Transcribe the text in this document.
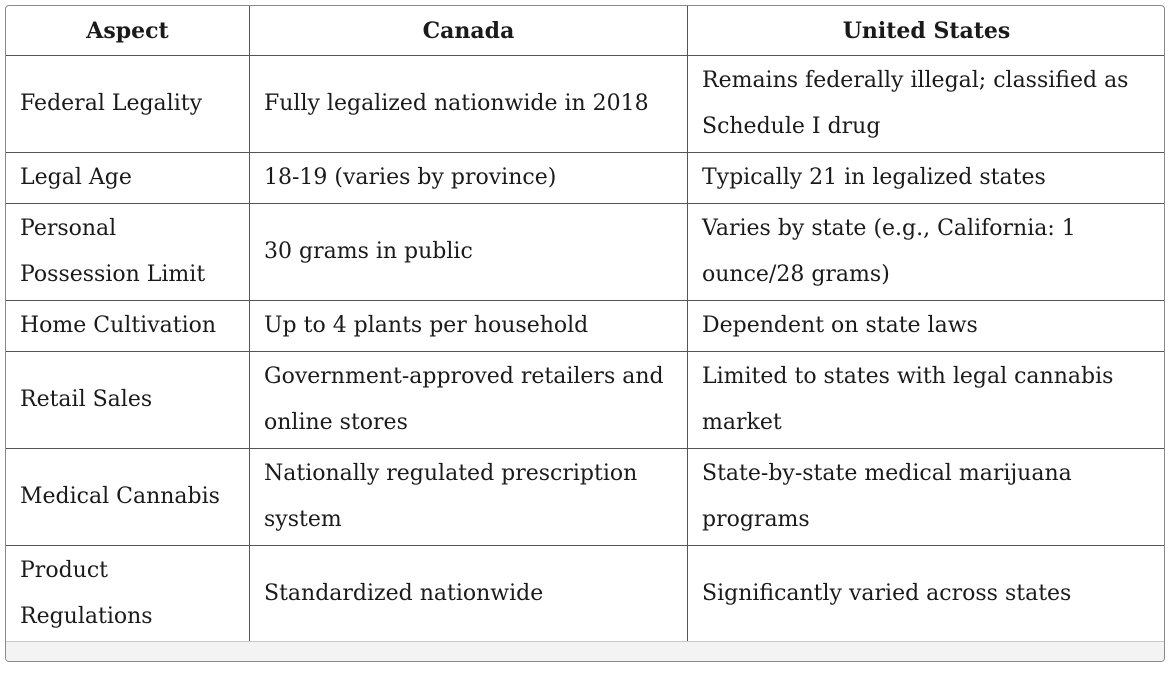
Aspect	Canada	United States
Federal Legality	Fully legalized nationwide in 2018	Remains federally illegal; classified as Schedule I drug
Legal Age	18-19 (varies by province)	Typically 21 in legalized states
Personal Possession Limit	30 grams in public	Varies by state (e.g., California: 1 ounce/28 grams)
Home Cultivation	Up to 4 plants per household	Dependent on state laws
Retail Sales	Government-approved retailers and online stores	Limited to states with legal cannabis market
Medical Cannabis	Nationally regulated prescription system	State-by-state medical marijuana programs
Product Regulations	Standardized nationwide	Significantly varied across states
